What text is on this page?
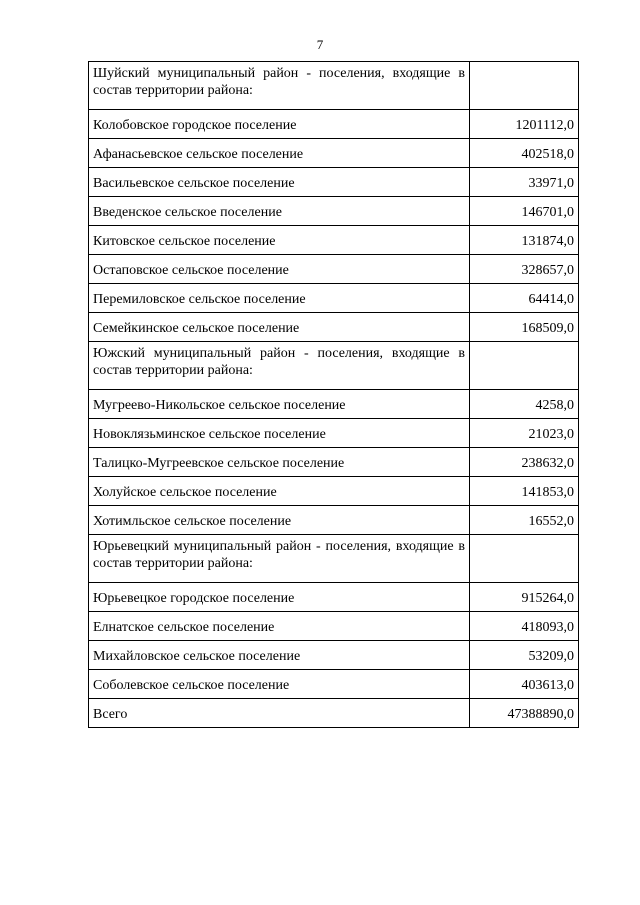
7
Шуйский муниципальный район - поселения, входящие в состав территории района:	
Колобовское городское поселение	1201112,0
Афанасьевское сельское поселение	402518,0
Васильевское сельское поселение	33971,0
Введенское сельское поселение	146701,0
Китовское сельское поселение	131874,0
Остаповское сельское поселение	328657,0
Перемиловское сельское поселение	64414,0
Семейкинское сельское поселение	168509,0
Южский муниципальный район - поселения, входящие в состав территории района:	
Мугреево-Никольское сельское поселение	4258,0
Новоклязьминское сельское поселение	21023,0
Талицко-Мугреевское сельское поселение	238632,0
Холуйское сельское поселение	141853,0
Хотимльское сельское поселение	16552,0
Юрьевецкий муниципальный район - поселения, входящие в состав территории района:	
Юрьевецкое городское поселение	915264,0
Елнатское сельское поселение	418093,0
Михайловское сельское поселение	53209,0
Соболевское сельское поселение	403613,0
Всего	47388890,0
